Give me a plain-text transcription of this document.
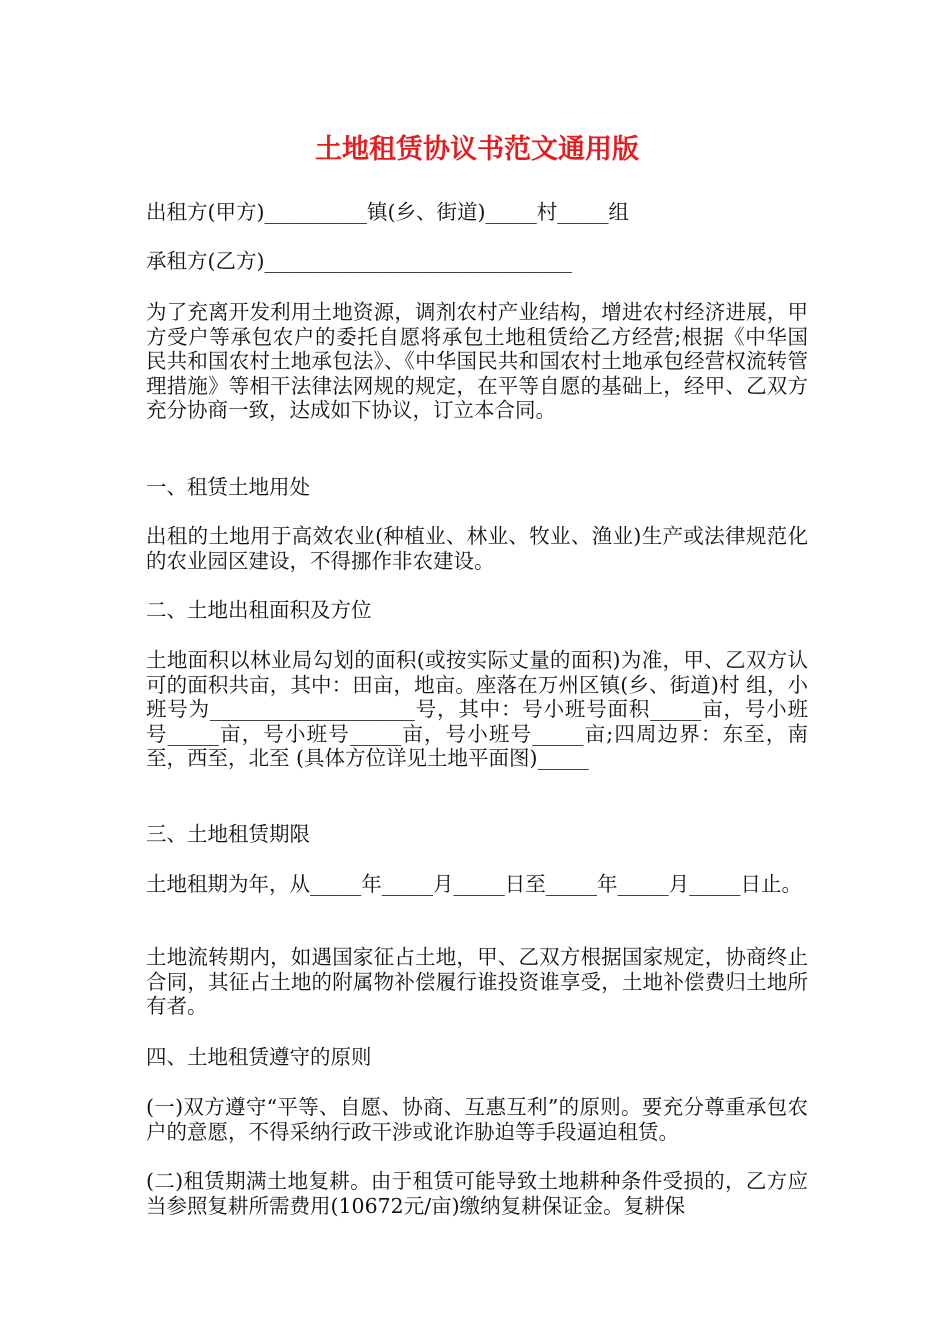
土地租赁协议书范文通用版

出租方(甲方)__________镇(乡、街道)_____村_____组

承租方(乙方)______________________________

为了充离开发利用土地资源，调剂农村产业结构，增进农村经济进展，甲方受户等承包农户的委托自愿将承包土地租赁给乙方经营;根据《中华国民共和国农村土地承包法》、《中华国民共和国农村土地承包经营权流转管理措施》等相干法律法网规的规定，在平等自愿的基础上，经甲、乙双方充分协商一致，达成如下协议，订立本合同。

一、租赁土地用处

出租的土地用于高效农业(种植业、林业、牧业、渔业)生产或法律规范化的农业园区建设，不得挪作非农建设。

二、土地出租面积及方位

土地面积以林业局勾划的面积(或按实际丈量的面积)为准，甲、乙双方认可的面积共亩，其中：田亩，地亩。座落在万州区镇(乡、街道)村 组，小班号为____________________号，其中：号小班号面积_____亩，号小班号_____亩，号小班号_____亩，号小班号_____亩;四周边界：东至，南至，西至，北至 (具体方位详见土地平面图)_____

三、土地租赁期限

土地租期为年，从_____年_____月_____日至_____年_____月_____日止。

土地流转期内，如遇国家征占土地，甲、乙双方根据国家规定，协商终止合同，其征占土地的附属物补偿履行谁投资谁享受，土地补偿费归土地所有者。

四、土地租赁遵守的原则

(一)双方遵守“平等、自愿、协商、互惠互利”的原则。要充分尊重承包农户的意愿，不得采纳行政干涉或讹诈胁迫等手段逼迫租赁。

(二)租赁期满土地复耕。由于租赁可能导致土地耕种条件受损的，乙方应当参照复耕所需费用(10672元/亩)缴纳复耕保证金。复耕保
